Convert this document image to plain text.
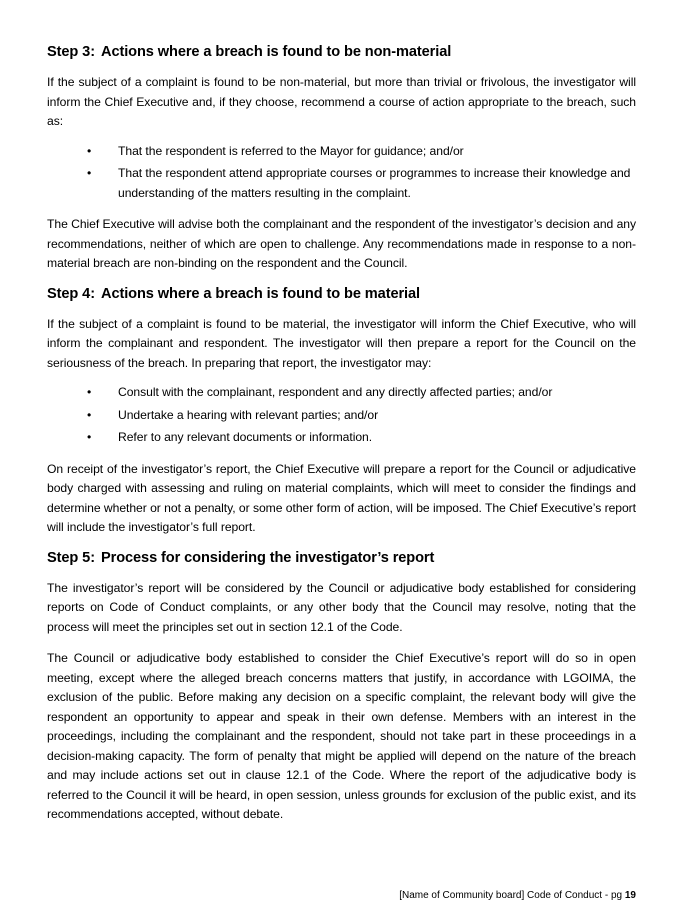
Step 3: Actions where a breach is found to be non-material

If the subject of a complaint is found to be non-material, but more than trivial or frivolous, the investigator will inform the Chief Executive and, if they choose, recommend a course of action appropriate to the breach, such as:

• That the respondent is referred to the Mayor for guidance; and/or
• That the respondent attend appropriate courses or programmes to increase their knowledge and understanding of the matters resulting in the complaint.

The Chief Executive will advise both the complainant and the respondent of the investigator’s decision and any recommendations, neither of which are open to challenge. Any recommendations made in response to a non-material breach are non-binding on the respondent and the Council.

Step 4: Actions where a breach is found to be material

If the subject of a complaint is found to be material, the investigator will inform the Chief Executive, who will inform the complainant and respondent. The investigator will then prepare a report for the Council on the seriousness of the breach. In preparing that report, the investigator may:

• Consult with the complainant, respondent and any directly affected parties; and/or
• Undertake a hearing with relevant parties; and/or
• Refer to any relevant documents or information.

On receipt of the investigator’s report, the Chief Executive will prepare a report for the Council or adjudicative body charged with assessing and ruling on material complaints, which will meet to consider the findings and determine whether or not a penalty, or some other form of action, will be imposed. The Chief Executive’s report will include the investigator’s full report.

Step 5: Process for considering the investigator’s report

The investigator’s report will be considered by the Council or adjudicative body established for considering reports on Code of Conduct complaints, or any other body that the Council may resolve, noting that the process will meet the principles set out in section 12.1 of the Code.

The Council or adjudicative body established to consider the Chief Executive’s report will do so in open meeting, except where the alleged breach concerns matters that justify, in accordance with LGOIMA, the exclusion of the public. Before making any decision on a specific complaint, the relevant body will give the respondent an opportunity to appear and speak in their own defense. Members with an interest in the proceedings, including the complainant and the respondent, should not take part in these proceedings in a decision-making capacity. The form of penalty that might be applied will depend on the nature of the breach and may include actions set out in clause 12.1 of the Code. Where the report of the adjudicative body is referred to the Council it will be heard, in open session, unless grounds for exclusion of the public exist, and its recommendations accepted, without debate.

[Name of Community board] Code of Conduct - pg 19
